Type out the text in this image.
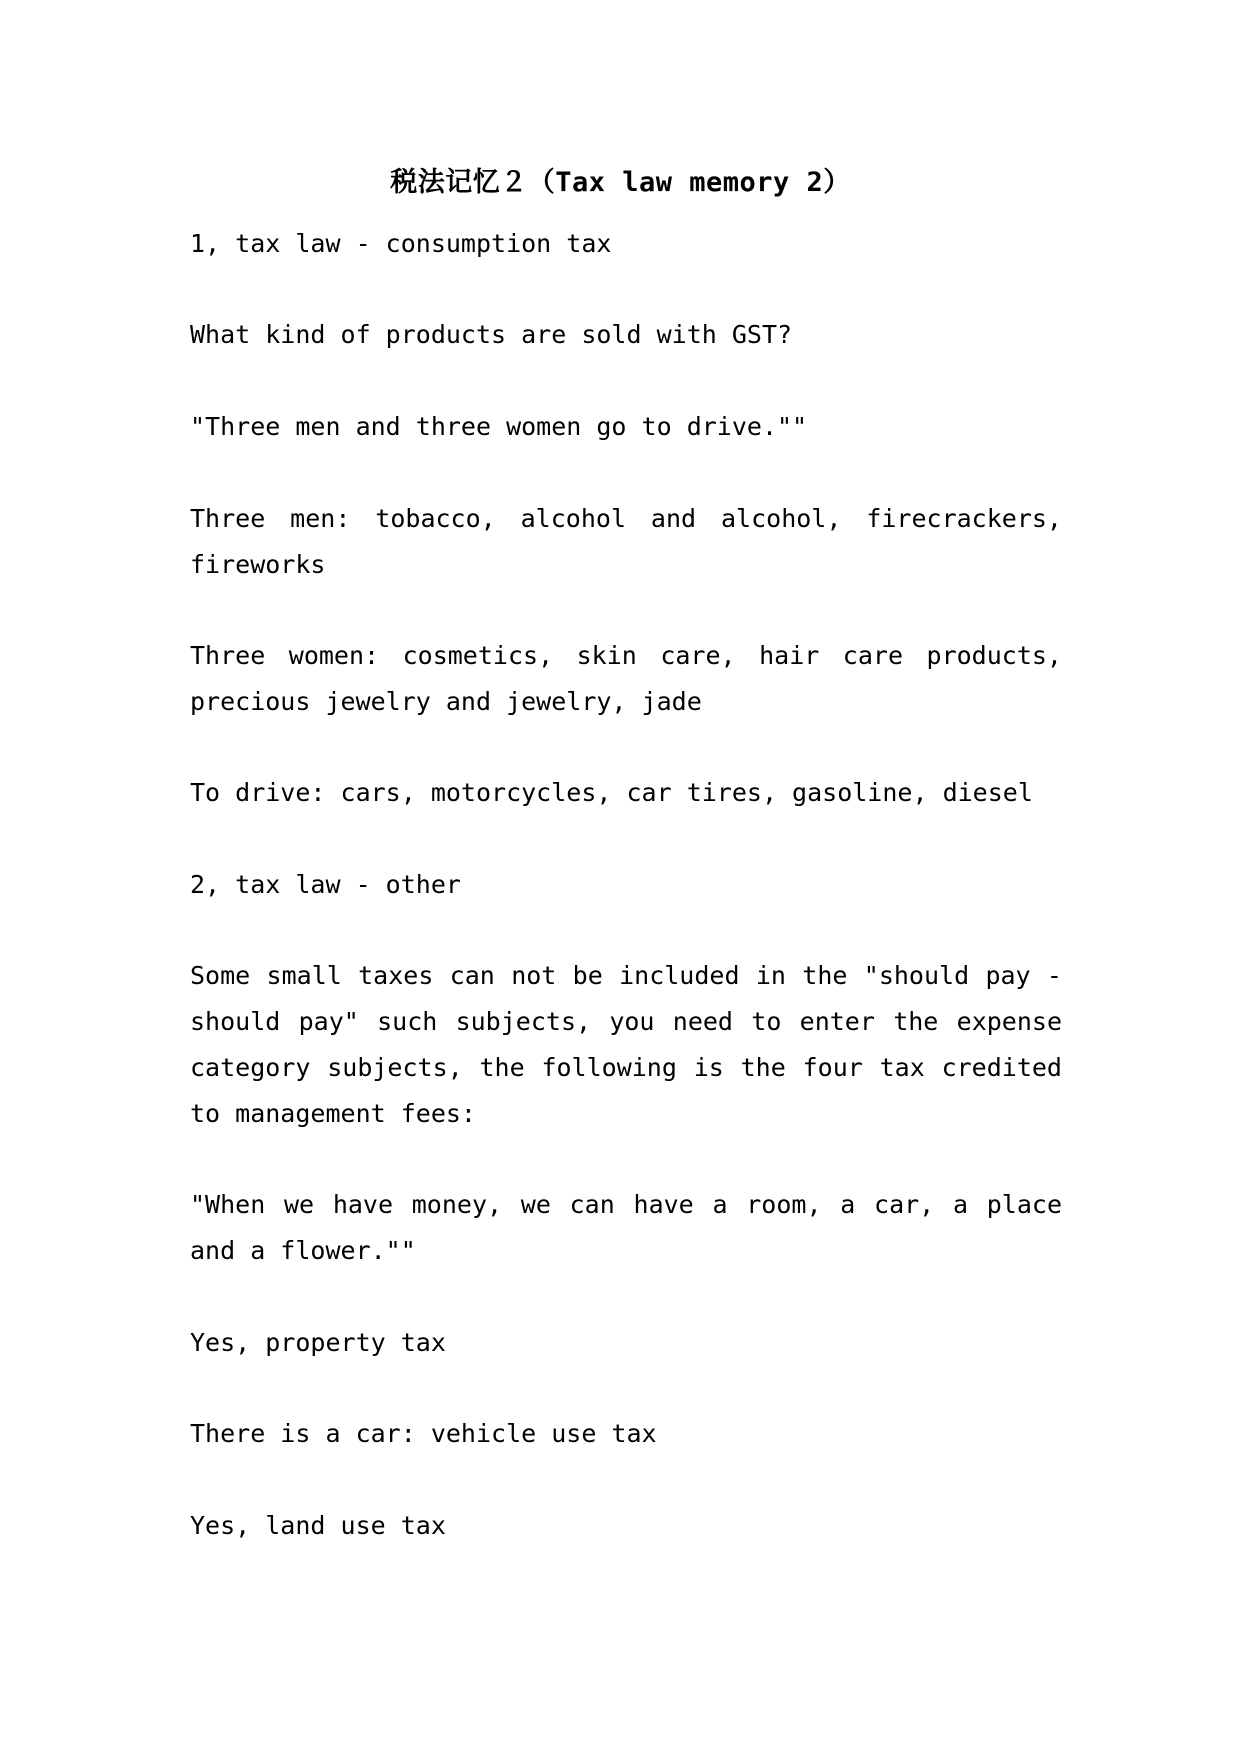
税法记忆２（Tax law memory 2）

1, tax law - consumption tax

What kind of products are sold with GST?

"Three men and three women go to drive.""

Three men: tobacco, alcohol and alcohol, firecrackers, fireworks

Three women: cosmetics, skin care, hair care products, precious jewelry and jewelry, jade

To drive: cars, motorcycles, car tires, gasoline, diesel

2, tax law - other

Some small taxes can not be included in the "should pay - should pay" such subjects, you need to enter the expense category subjects, the following is the four tax credited to management fees:

"When we have money, we can have a room, a car, a place and a flower.""

Yes, property tax

There is a car: vehicle use tax

Yes, land use tax
